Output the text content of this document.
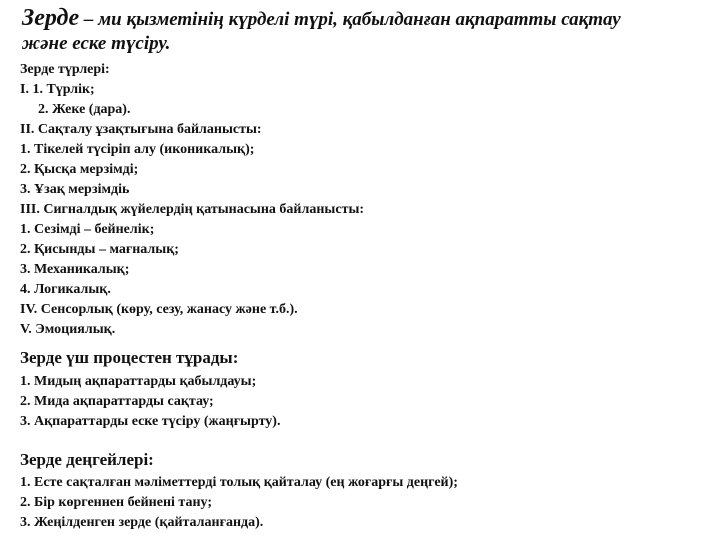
Зерде – ми қызметінің күрделі түрі, қабылданған ақпаратты сақтау
және еске түсіру.
Зерде түрлері:
I. 1. Түрлік;
2. Жеке (дара).
II. Сақталу ұзақтығына байланысты:
1. Тікелей түсіріп алу (иконикалық);
2. Қысқа мерзімді;
3. Ұзақ мерзімдіь
III. Сигналдық жүйелердің қатынасына байланысты:
1. Сезімді – бейнелік;
2. Қисынды – мағналық;
3. Механикалық;
4. Логикалық.
IV. Сенсорлық (көру, сезу, жанасу және т.б.).
V. Эмоциялық.
Зерде үш процестен тұрады:
1. Мидың ақпараттарды қабылдауы;
2. Мида ақпараттарды сақтау;
3. Ақпараттарды еске түсіру (жаңғырту).
Зерде деңгейлері:
1. Есте сақталған мәліметтерді толық қайталау (ең жоғарғы деңгей);
2. Бір көргеннен бейнені тану;
3. Жеңілденген зерде (қайталанғанда).
